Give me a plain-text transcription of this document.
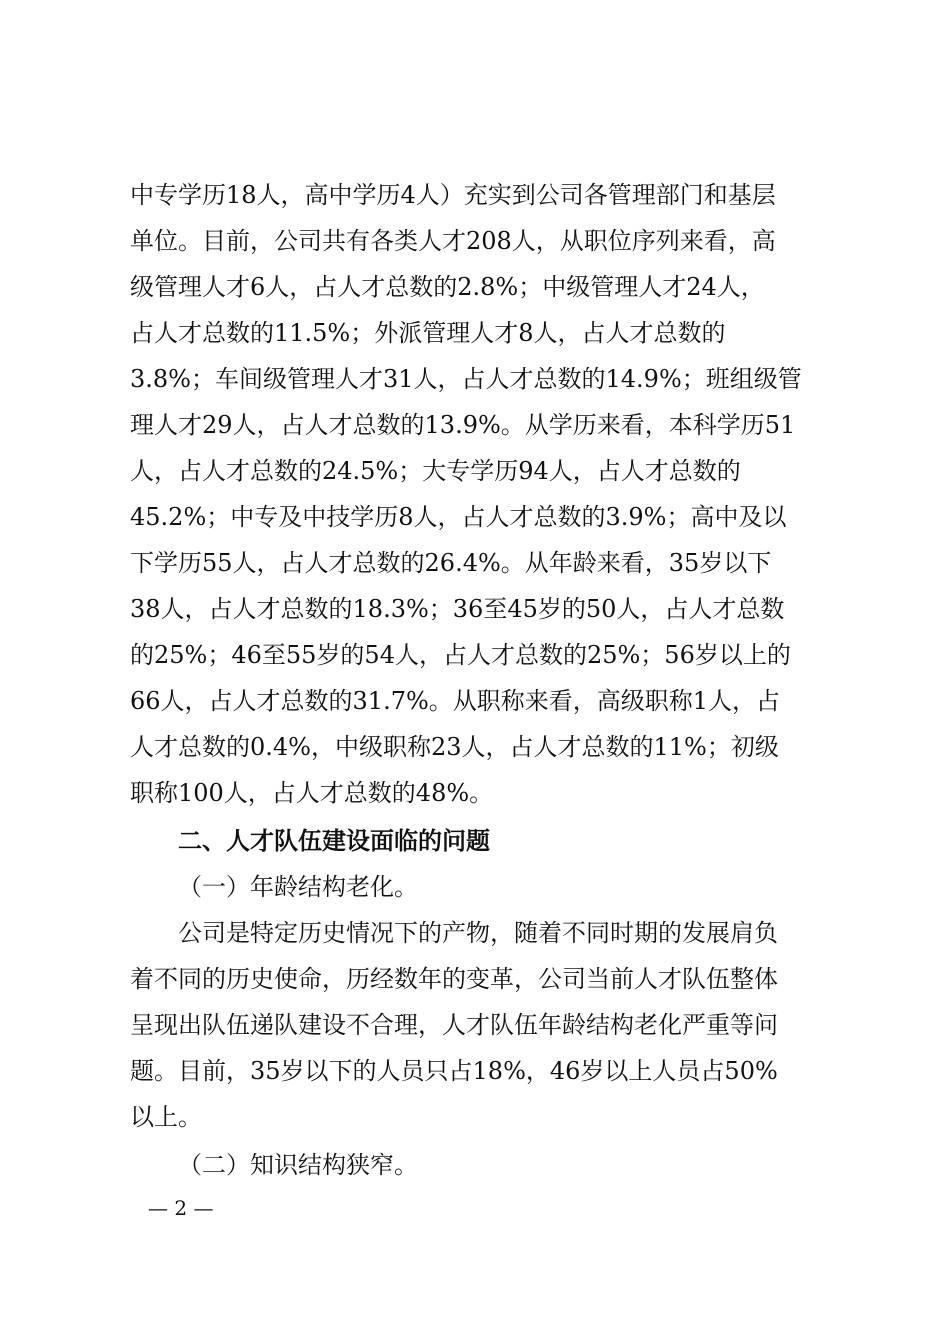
中专学历18人，高中学历4人）充实到公司各管理部门和基层
单位。目前，公司共有各类人才208人，从职位序列来看，高
级管理人才6人，占人才总数的2.8%；中级管理人才24人，
占人才总数的11.5%；外派管理人才8人，占人才总数的
3.8%；车间级管理人才31人，占人才总数的14.9%；班组级管
理人才29人，占人才总数的13.9%。从学历来看，本科学历51
人，占人才总数的24.5%；大专学历94人，占人才总数的
45.2%；中专及中技学历8人，占人才总数的3.9%；高中及以
下学历55人，占人才总数的26.4%。从年龄来看，35岁以下
38人，占人才总数的18.3%；36至45岁的50人，占人才总数
的25%；46至55岁的54人，占人才总数的25%；56岁以上的
66人，占人才总数的31.7%。从职称来看，高级职称1人，占
人才总数的0.4%，中级职称23人，占人才总数的11%；初级
职称100人，占人才总数的48%。
二、人才队伍建设面临的问题
（一）年龄结构老化。
公司是特定历史情况下的产物，随着不同时期的发展肩负
着不同的历史使命，历经数年的变革，公司当前人才队伍整体
呈现出队伍递队建设不合理，人才队伍年龄结构老化严重等问
题。目前，35岁以下的人员只占18%，46岁以上人员占50%
以上。
（二）知识结构狭窄。
— 2 —
